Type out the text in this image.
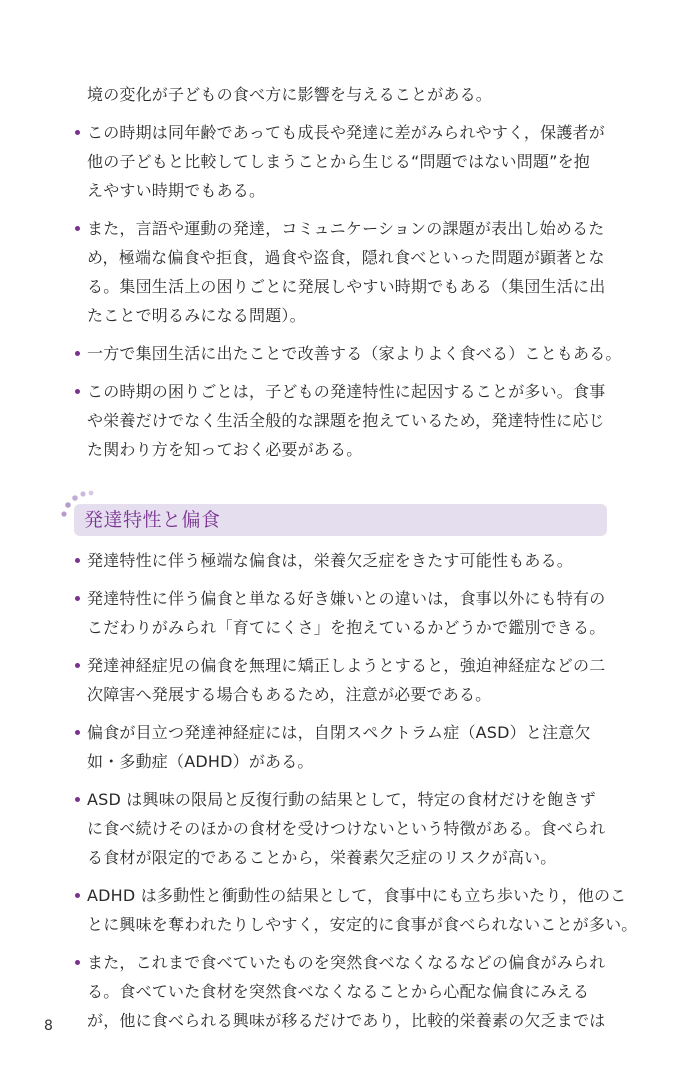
境の変化が子どもの食べ方に影響を与えることがある。
この時期は同年齢であっても成長や発達に差がみられやすく，保護者が
他の子どもと比較してしまうことから生じる“問題ではない問題”を抱
えやすい時期でもある。
また，言語や運動の発達，コミュニケーションの課題が表出し始めるた
め，極端な偏食や拒食，過食や盗食，隠れ食べといった問題が顕著とな
る。集団生活上の困りごとに発展しやすい時期でもある（集団生活に出
たことで明るみになる問題）。
一方で集団生活に出たことで改善する（家よりよく食べる）こともある。
この時期の困りごとは，子どもの発達特性に起因することが多い。食事
や栄養だけでなく生活全般的な課題を抱えているため，発達特性に応じ
た関わり方を知っておく必要がある。
発達特性と偏食
発達特性に伴う極端な偏食は，栄養欠乏症をきたす可能性もある。
発達特性に伴う偏食と単なる好き嫌いとの違いは，食事以外にも特有の
こだわりがみられ「育てにくさ」を抱えているかどうかで鑑別できる。
発達神経症児の偏食を無理に矯正しようとすると，強迫神経症などの二
次障害へ発展する場合もあるため，注意が必要である。
偏食が目立つ発達神経症には，自閉スペクトラム症（ASD）と注意欠
如・多動症（ADHD）がある。
ASD は興味の限局と反復行動の結果として，特定の食材だけを飽きず
に食べ続けそのほかの食材を受けつけないという特徴がある。食べられ
る食材が限定的であることから，栄養素欠乏症のリスクが高い。
ADHD は多動性と衝動性の結果として，食事中にも立ち歩いたり，他のこ
とに興味を奪われたりしやすく，安定的に食事が食べられないことが多い。
また，これまで食べていたものを突然食べなくなるなどの偏食がみられ
る。食べていた食材を突然食べなくなることから心配な偏食にみえる
が，他に食べられる興味が移るだけであり，比較的栄養素の欠乏までは
8
